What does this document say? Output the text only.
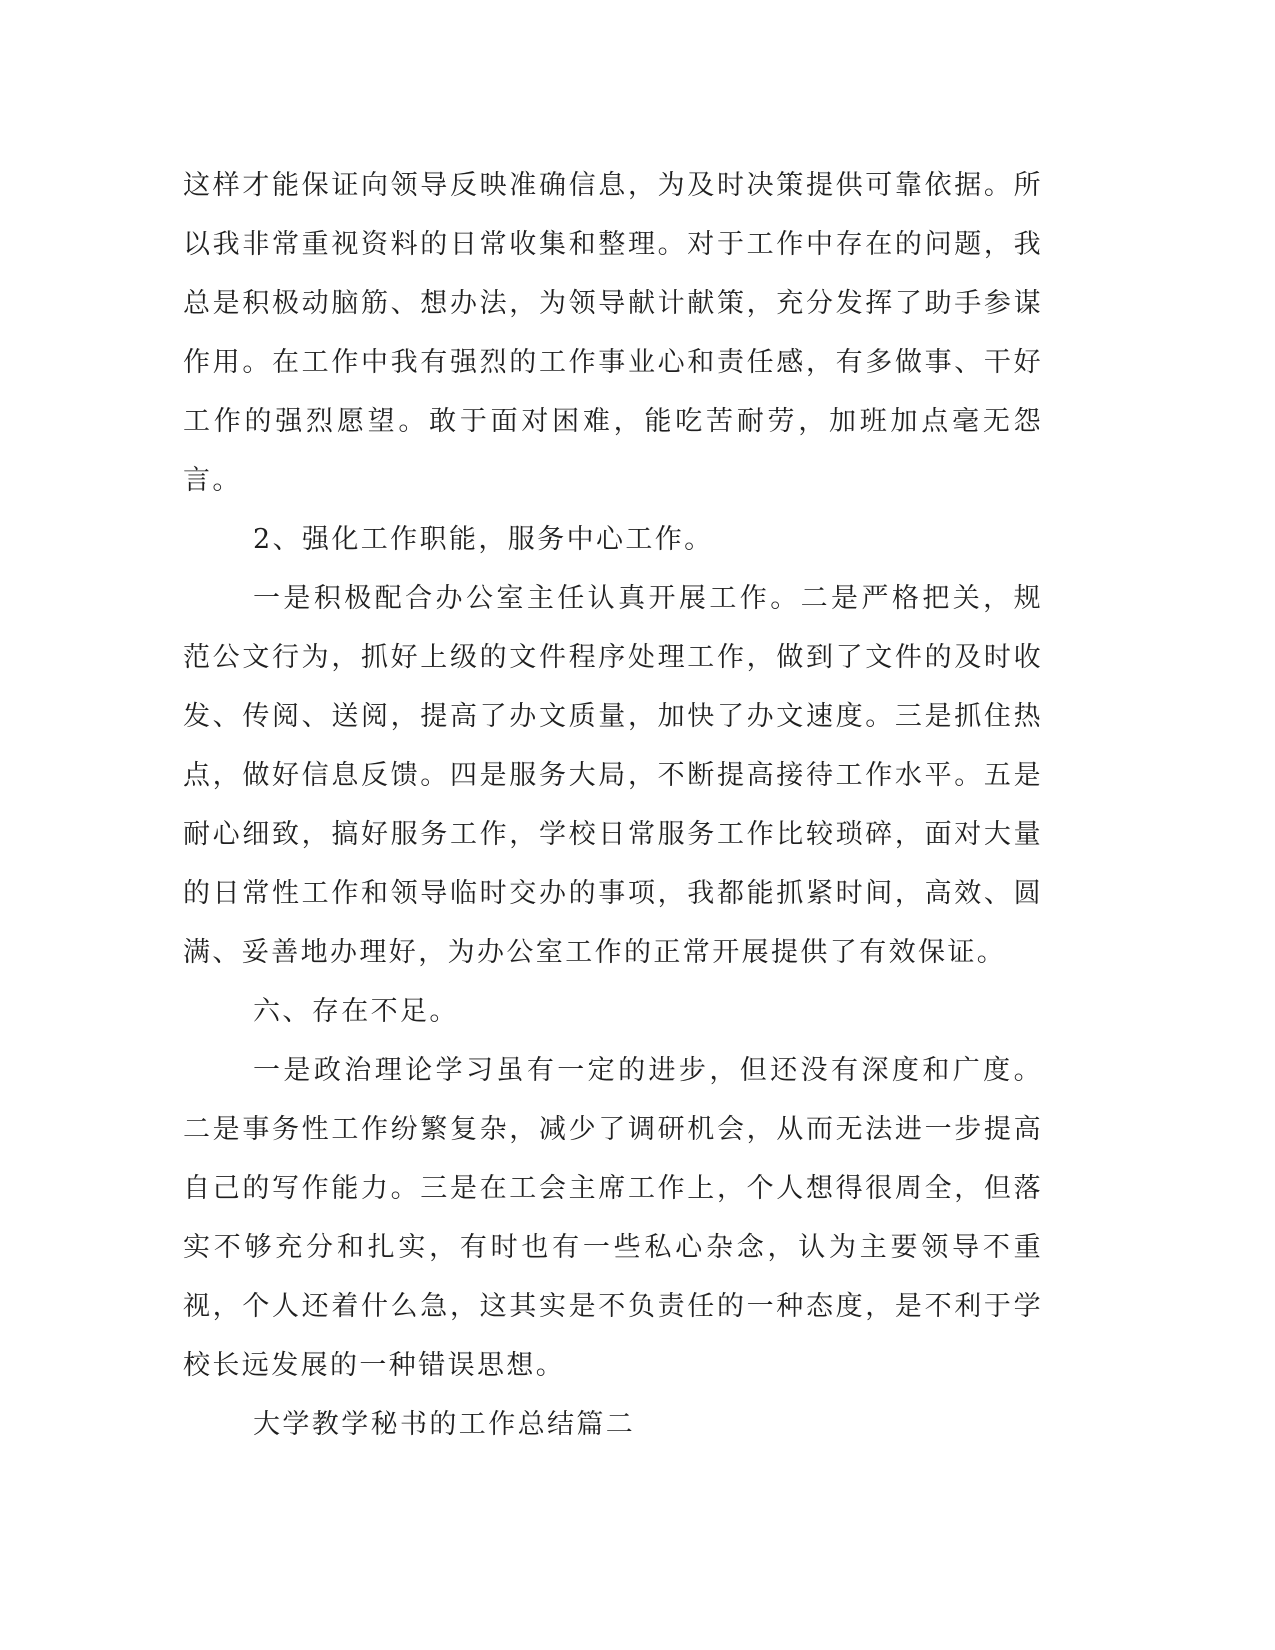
这样才能保证向领导反映准确信息，为及时决策提供可靠依据。所以我非常重视资料的日常收集和整理。对于工作中存在的问题，我总是积极动脑筋、想办法，为领导献计献策，充分发挥了助手参谋作用。在工作中我有强烈的工作事业心和责任感，有多做事、干好工作的强烈愿望。敢于面对困难，能吃苦耐劳，加班加点毫无怨言。

2、强化工作职能，服务中心工作。

一是积极配合办公室主任认真开展工作。二是严格把关，规范公文行为，抓好上级的文件程序处理工作，做到了文件的及时收发、传阅、送阅，提高了办文质量，加快了办文速度。三是抓住热点，做好信息反馈。四是服务大局，不断提高接待工作水平。五是耐心细致，搞好服务工作，学校日常服务工作比较琐碎，面对大量的日常性工作和领导临时交办的事项，我都能抓紧时间，高效、圆满、妥善地办理好，为办公室工作的正常开展提供了有效保证。

六、存在不足。

一是政治理论学习虽有一定的进步，但还没有深度和广度。二是事务性工作纷繁复杂，减少了调研机会，从而无法进一步提高自己的写作能力。三是在工会主席工作上，个人想得很周全，但落实不够充分和扎实，有时也有一些私心杂念，认为主要领导不重视，个人还着什么急，这其实是不负责任的一种态度，是不利于学校长远发展的一种错误思想。

大学教学秘书的工作总结篇二
